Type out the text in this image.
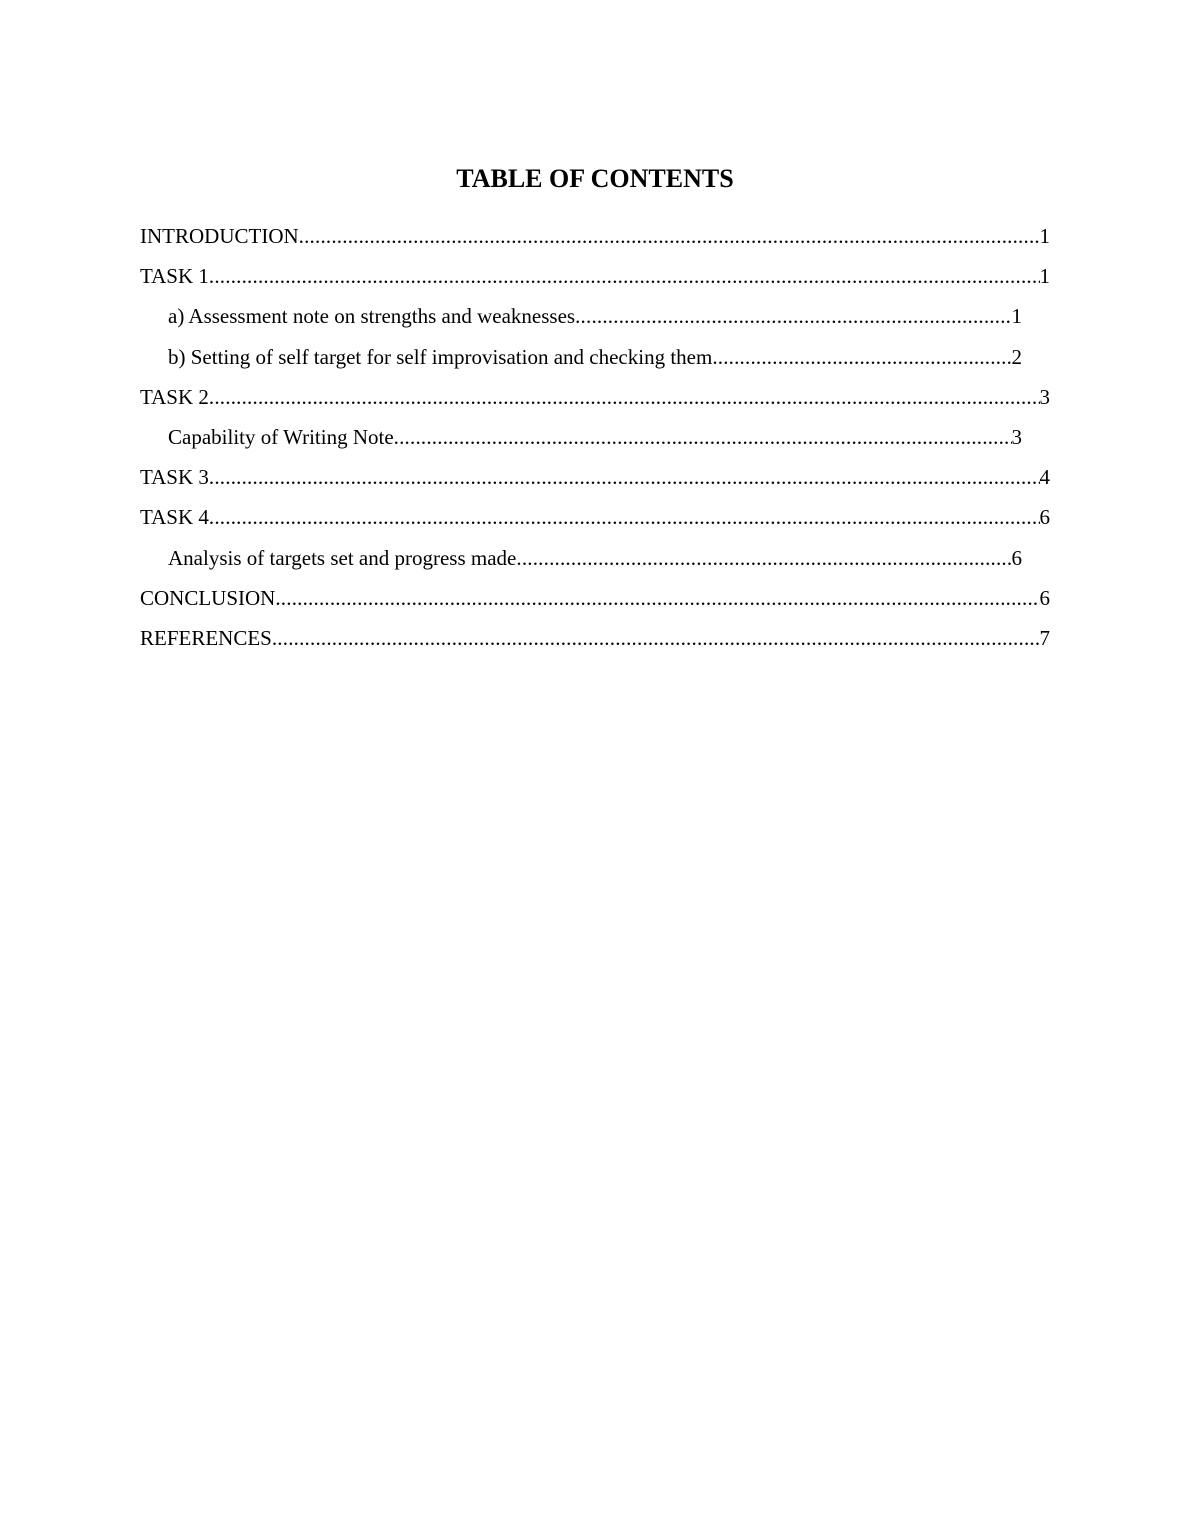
TABLE OF CONTENTS
INTRODUCTION .....	1
TASK 1 .....	1
a) Assessment note on strengths and weaknesses .....	1
b) Setting of self target for self improvisation and checking them .....	2
TASK 2 .....	3
Capability of Writing Note .....	3
TASK 3 .....	4
TASK 4 .....	6
Analysis of targets set and progress made .....	6
CONCLUSION .....	6
REFERENCES .....	7
